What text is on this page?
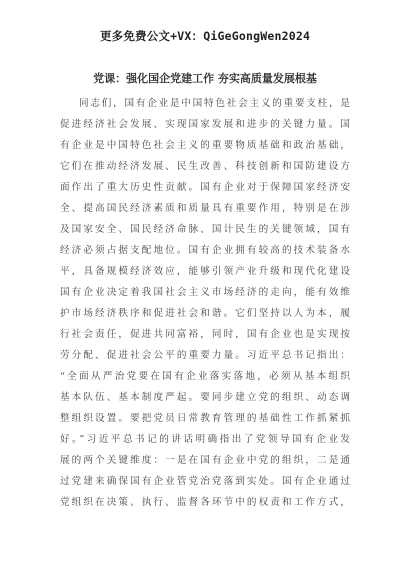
更多免费公文+VX：QiGeGongWen2024
党课：强化国企党建工作 夯实高质量发展根基
同志们，国有企业是中国特色社会主义的重要支柱，是
促进经济社会发展、实现国家发展和进步的关键力量。国
有企业是中国特色社会主义的重要物质基础和政治基础，
它们在推动经济发展、民生改善、科技创新和国防建设方
面作出了重大历史性贡献。国有企业对于保障国家经济安
全、提高国民经济素质和质量具有重要作用，特别是在涉
及国家安全、国民经济命脉、国计民生的关键领域，国有
经济必须占据支配地位。国有企业拥有较高的技术装备水
平，具备规模经济效应，能够引领产业升级和现代化建设
国有企业决定着我国社会主义市场经济的走向，能有效维
护市场经济秩序和促进社会和谐。它们坚持以人为本，履
行社会责任，促进共同富裕，同时，国有企业也是实现按
劳分配、促进社会公平的重要力量。习近平总书记指出：
“全面从严治党要在国有企业落实落地，必须从基本组织
基本队伍、基本制度严起。要同步建立党的组织、动态调
整组织设置。要把党员日常教育管理的基础性工作抓紧抓
好。”习近平总书记的讲话明确指出了党领导国有企业发
展的两个关键维度：一是在国有企业中党的组织，二是通
过党建来确保国有企业管党治党落到实处。国有企业通过
党组织在决策、执行、监督各环节中的权责和工作方式，
